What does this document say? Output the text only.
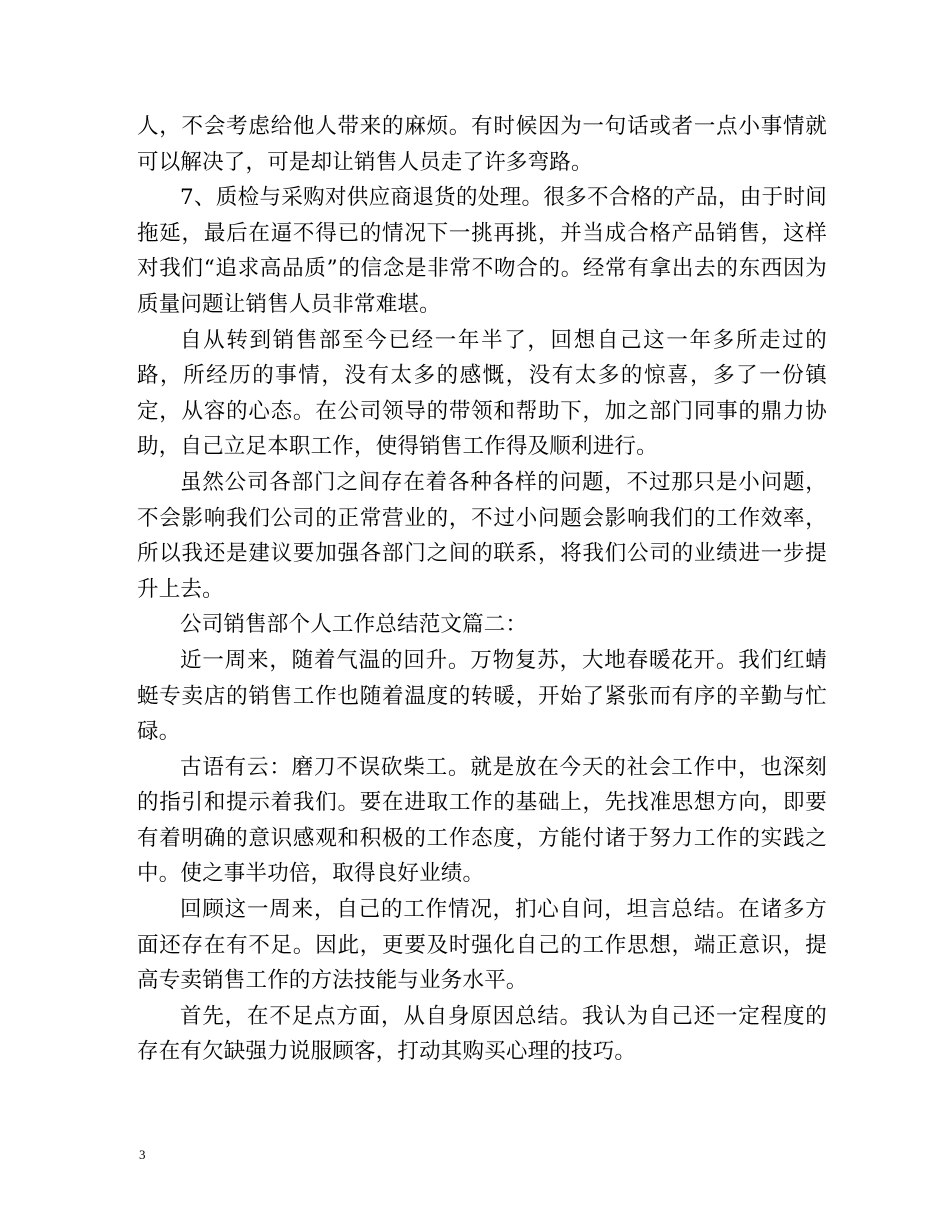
人，不会考虑给他人带来的麻烦。有时候因为一句话或者一点小事情就可以解决了，可是却让销售人员走了许多弯路。

7、质检与采购对供应商退货的处理。很多不合格的产品，由于时间拖延，最后在逼不得已的情况下一挑再挑，并当成合格产品销售，这样对我们“追求高品质”的信念是非常不吻合的。经常有拿出去的东西因为质量问题让销售人员非常难堪。

自从转到销售部至今已经一年半了，回想自己这一年多所走过的路，所经历的事情，没有太多的感慨，没有太多的惊喜，多了一份镇定，从容的心态。在公司领导的带领和帮助下，加之部门同事的鼎力协助，自己立足本职工作，使得销售工作得及顺利进行。

虽然公司各部门之间存在着各种各样的问题，不过那只是小问题，不会影响我们公司的正常营业的，不过小问题会影响我们的工作效率，所以我还是建议要加强各部门之间的联系，将我们公司的业绩进一步提升上去。

公司销售部个人工作总结范文篇二：

近一周来，随着气温的回升。万物复苏，大地春暖花开。我们红蜻蜓专卖店的销售工作也随着温度的转暖，开始了紧张而有序的辛勤与忙碌。

古语有云：磨刀不误砍柴工。就是放在今天的社会工作中，也深刻的指引和提示着我们。要在进取工作的基础上，先找准思想方向，即要有着明确的意识感观和积极的工作态度，方能付诸于努力工作的实践之中。使之事半功倍，取得良好业绩。

回顾这一周来，自己的工作情况，扪心自问，坦言总结。在诸多方面还存在有不足。因此，更要及时强化自己的工作思想，端正意识，提高专卖销售工作的方法技能与业务水平。

首先，在不足点方面，从自身原因总结。我认为自己还一定程度的存在有欠缺强力说服顾客，打动其购买心理的技巧。

3
